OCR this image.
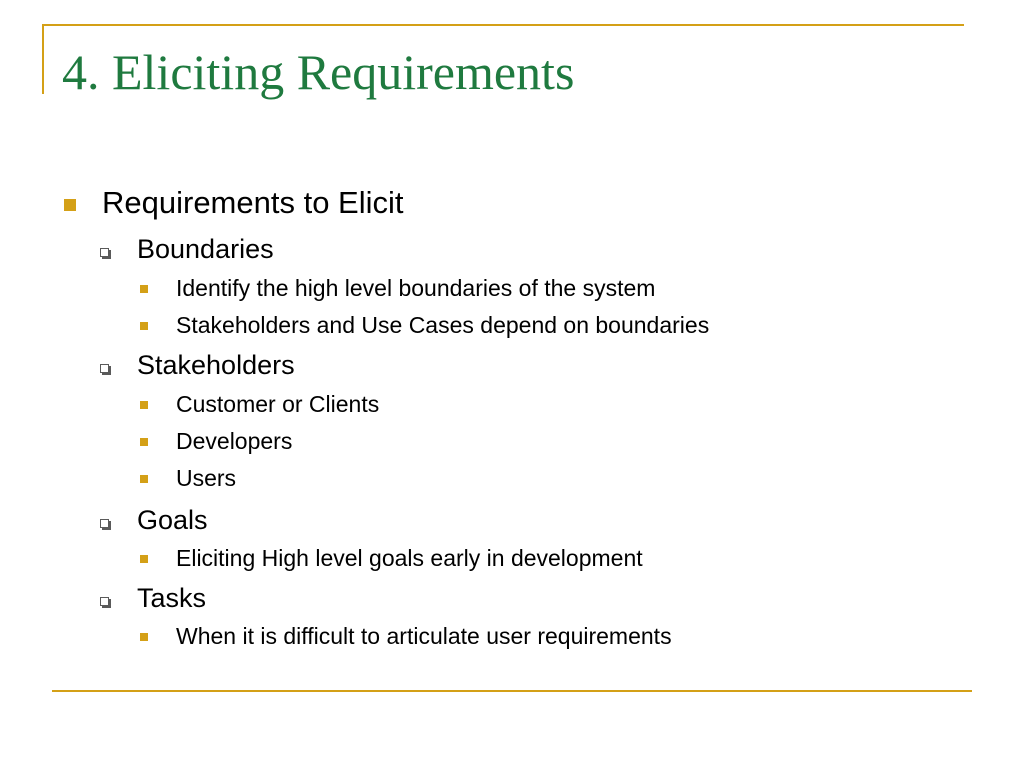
4. Eliciting Requirements
Requirements to Elicit
Boundaries
Identify the high level boundaries of the system
Stakeholders and Use Cases depend on boundaries
Stakeholders
Customer or Clients
Developers
Users
Goals
Eliciting High level goals early in development
Tasks
When it is difficult to articulate user requirements
